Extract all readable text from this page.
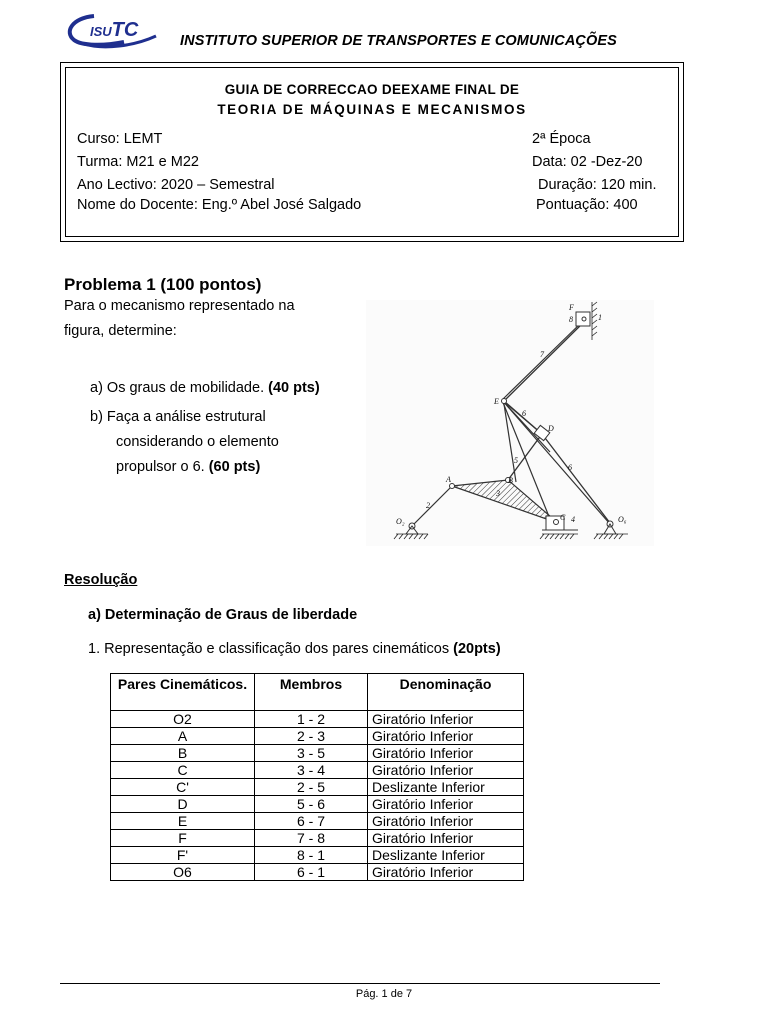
ISUTC	INSTITUTO SUPERIOR DE TRANSPORTES E COMUNICAÇÕES
GUIA DE CORRECCAO DEEXAME FINAL DE
TEORIA DE MÁQUINAS E MECANISMOS
Curso: LEMT
Turma: M21 e M22
Ano Lectivo: 2020 – Semestral
Nome do Docente: Eng.º Abel José Salgado
2ª Época
Data: 02 -Dez-20
Duração: 120 min.
Pontuação: 400
Problema 1 (100 pontos)
Para o mecanismo representado na
figura, determine:
a) Os graus de mobilidade. (40 pts)
b) Faça a análise estrutural
considerando o elemento
propulsor o 6. (60 pts)
F
8	1
7
E
6
D
5
6
A	B
3
2
C 4
O₂	O₆
Resolução
a) Determinação de Graus de liberdade
1. Representação e classificação dos pares cinemáticos (20pts)
Pares Cinemáticos.	Membros	Denominação
O2	1 - 2	Giratório Inferior
A	2 - 3	Giratório Inferior
B	3 - 5	Giratório Inferior
C	3 - 4	Giratório Inferior
C'	2 - 5	Deslizante Inferior
D	5 - 6	Giratório Inferior
E	6 - 7	Giratório Inferior
F	7 - 8	Giratório Inferior
F'	8 - 1	Deslizante Inferior
O6	6 - 1	Giratório Inferior
Pág. 1 de 7
